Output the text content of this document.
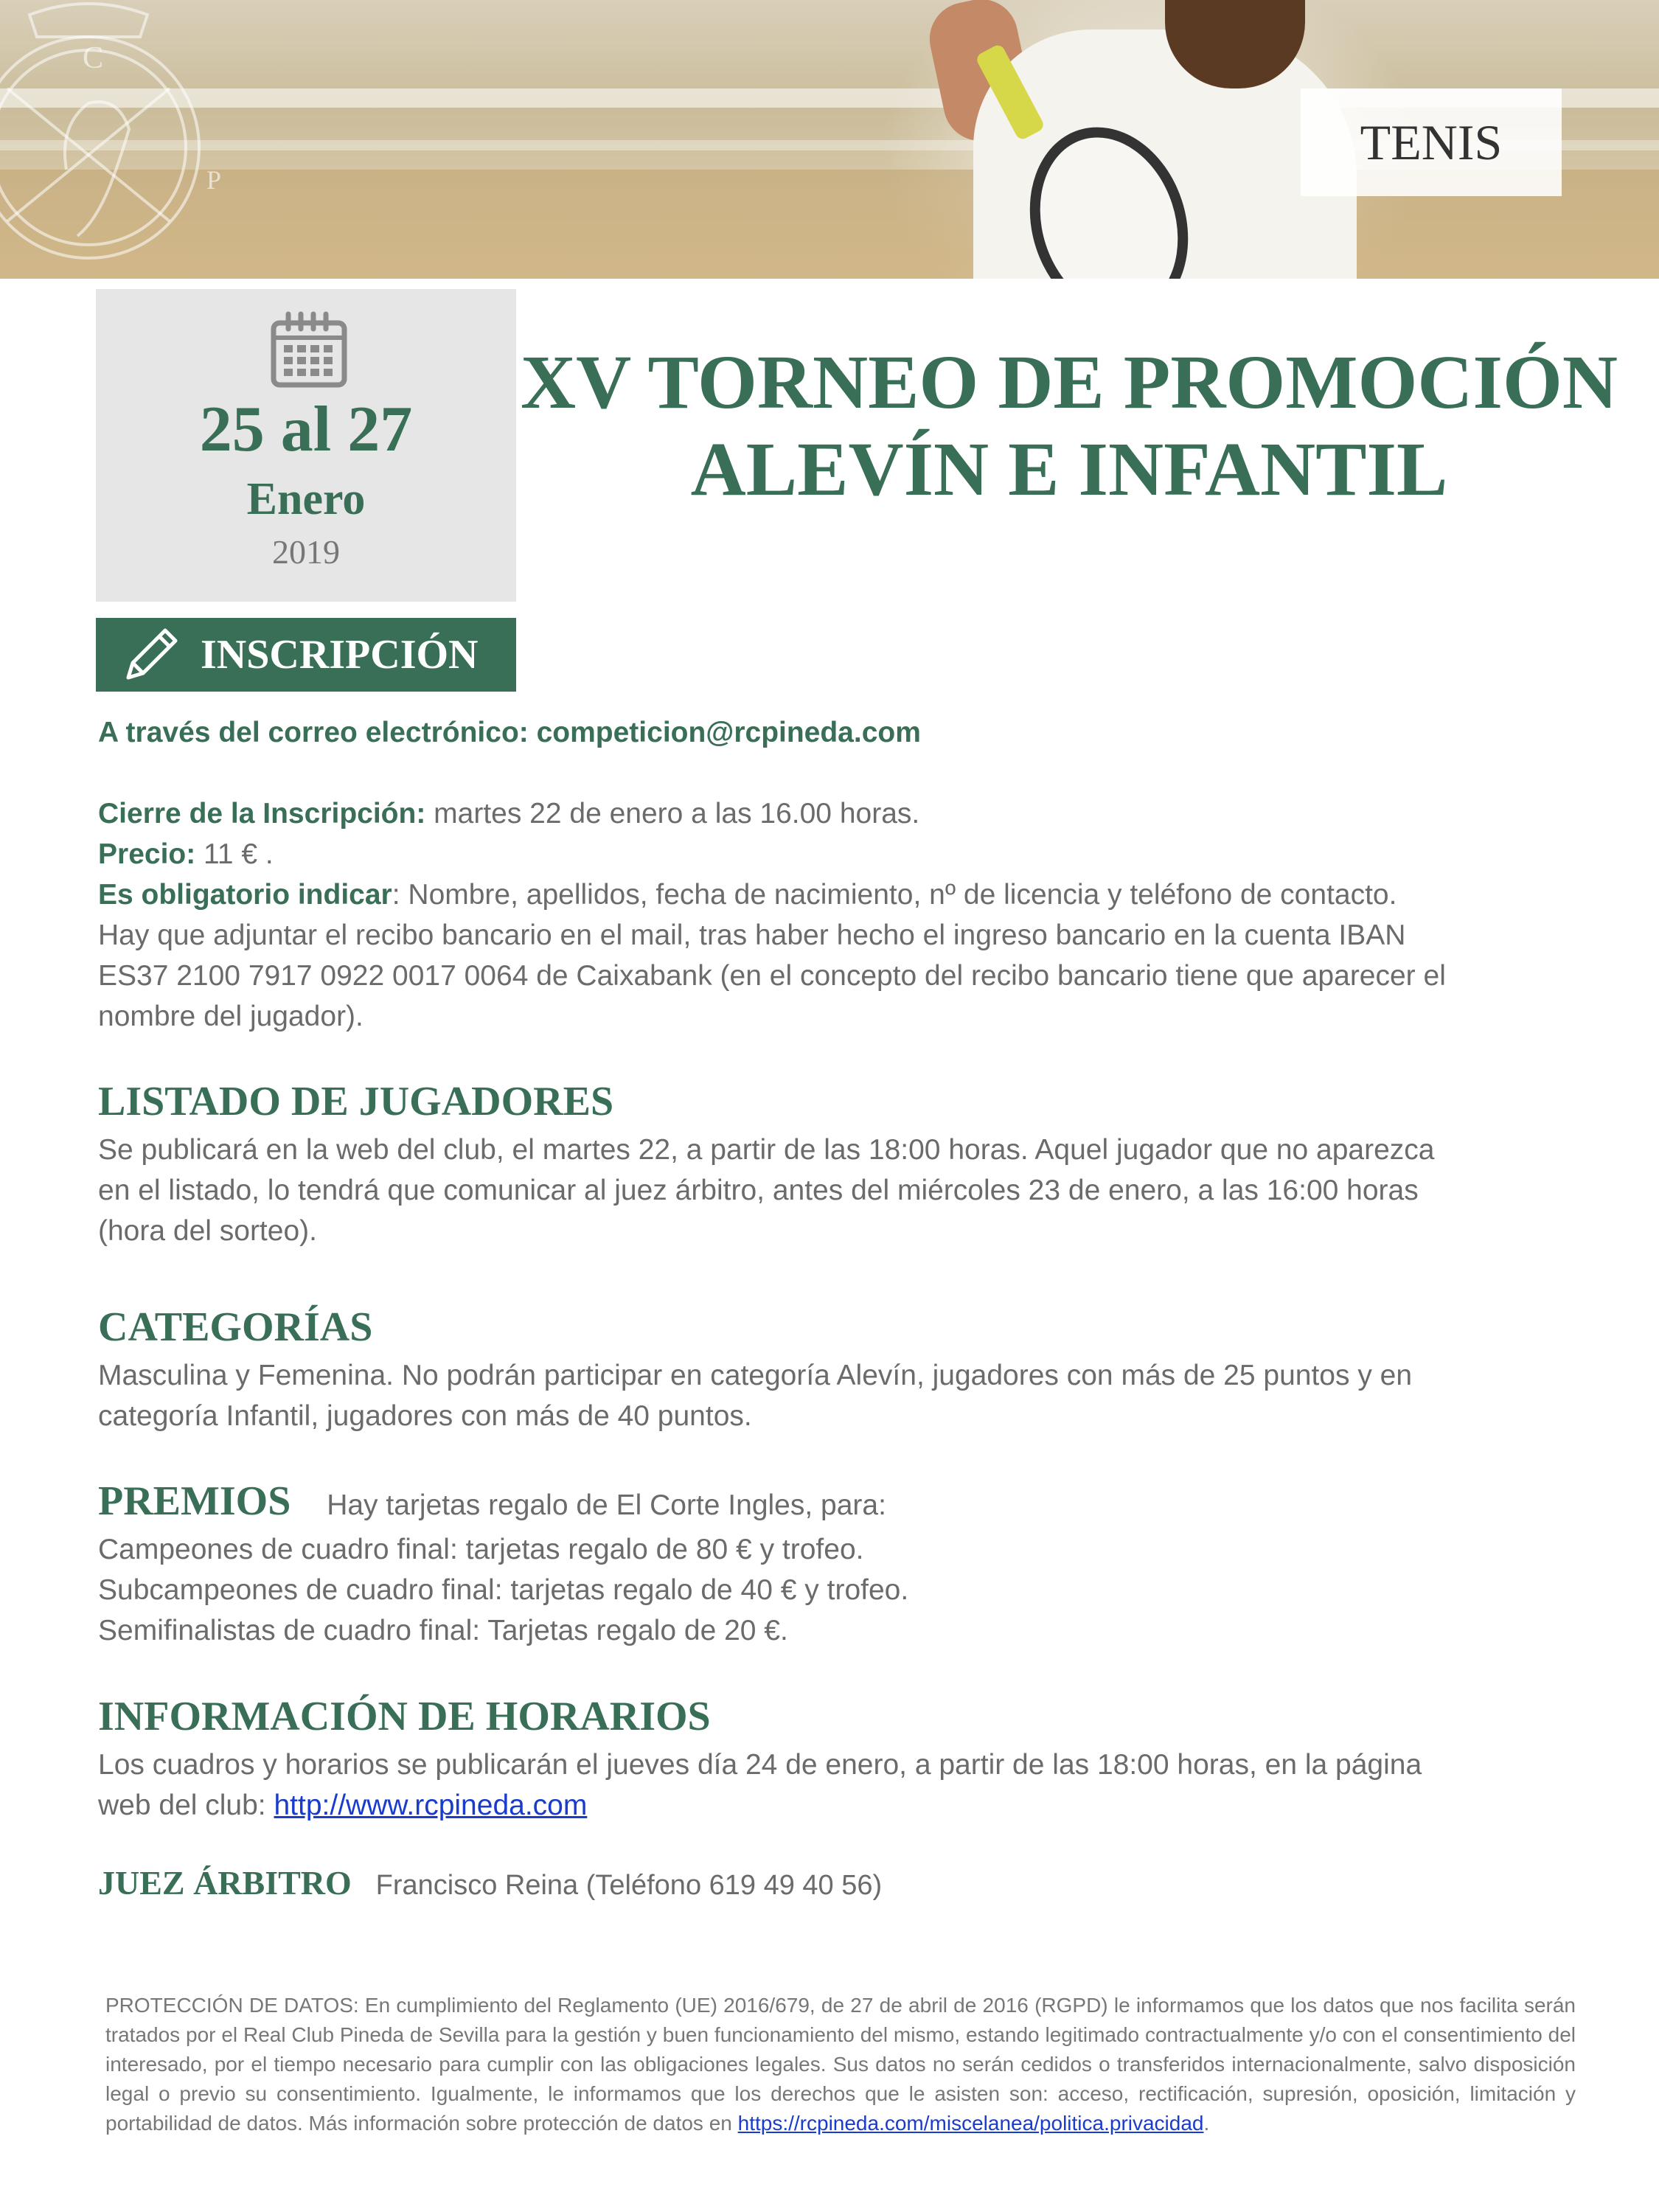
C
P
TENIS
25 al 27
Enero
2019
XV TORNEO DE PROMOCIÓN
ALEVÍN E INFANTIL
INSCRIPCIÓN
A través del correo electrónico: competicion@rcpineda.com
Cierre de la Inscripción: martes 22 de enero a las 16.00 horas.
Precio: 11 € .
Es obligatorio indicar: Nombre, apellidos, fecha de nacimiento, nº de licencia y teléfono de contacto.
Hay que adjuntar el recibo bancario en el mail, tras haber hecho el ingreso bancario en la cuenta IBAN
ES37 2100 7917 0922 0017 0064 de Caixabank (en el concepto del recibo bancario tiene que aparecer el
nombre del jugador).
LISTADO DE JUGADORES
Se publicará en la web del club, el martes 22, a partir de las 18:00 horas. Aquel jugador que no aparezca
en el listado, lo tendrá que comunicar al juez árbitro, antes del miércoles 23 de enero, a las 16:00 horas
(hora del sorteo).
CATEGORÍAS
Masculina y Femenina. No podrán participar en categoría Alevín, jugadores con más de 25 puntos y en
categoría Infantil, jugadores con más de 40 puntos.
PREMIOS Hay tarjetas regalo de El Corte Ingles, para:
Campeones de cuadro final: tarjetas regalo de 80 € y trofeo.
Subcampeones de cuadro final: tarjetas regalo de 40 € y trofeo.
Semifinalistas de cuadro final: Tarjetas regalo de 20 €.
INFORMACIÓN DE HORARIOS
Los cuadros y horarios se publicarán el jueves día 24 de enero, a partir de las 18:00 horas, en la página
web del club: http://www.rcpineda.com
JUEZ ÁRBITRO Francisco Reina (Teléfono 619 49 40 56)
PROTECCIÓN DE DATOS: En cumplimiento del Reglamento (UE) 2016/679, de 27 de abril de 2016 (RGPD) le informamos que los datos que nos facilita serán tratados por el Real Club Pineda de Sevilla para la gestión y buen funcionamiento del mismo, estando legitimado contractualmente y/o con el consentimiento del interesado, por el tiempo necesario para cumplir con las obligaciones legales. Sus datos no serán cedidos o transferidos internacionalmente, salvo disposición legal o previo su consentimiento. Igualmente, le informamos que los derechos que le asisten son: acceso, rectificación, supresión, oposición, limitación y portabilidad de datos. Más información sobre protección de datos en https://rcpineda.com/miscelanea/politica.privacidad.
